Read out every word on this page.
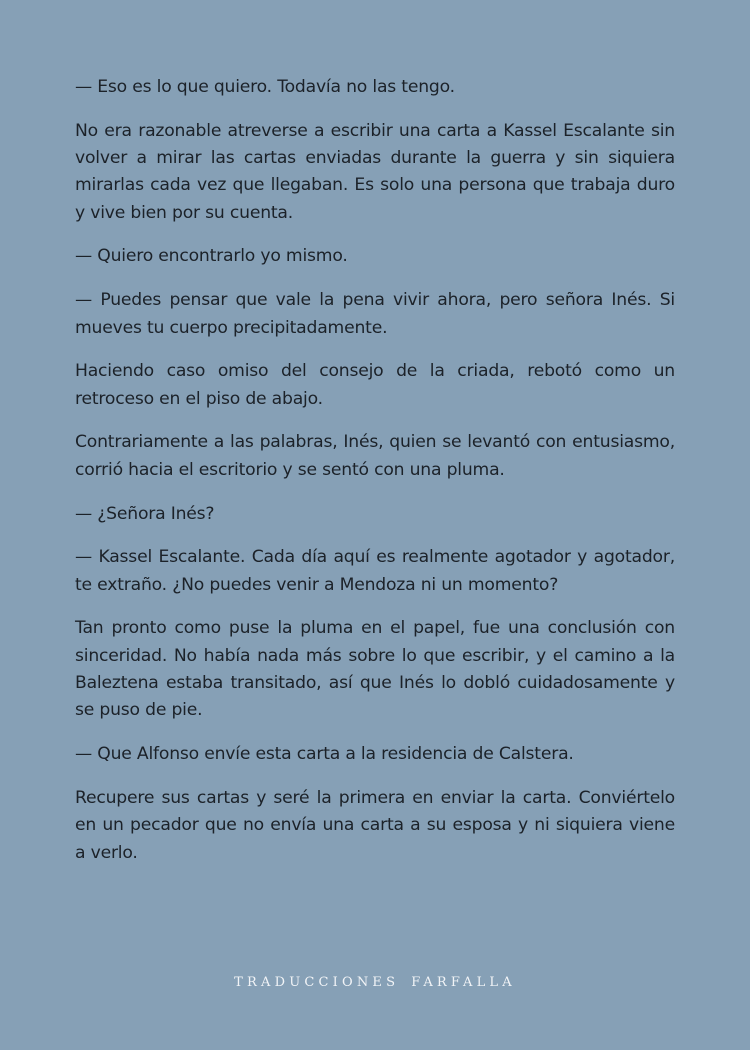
— Eso es lo que quiero. Todavía no las tengo.

No era razonable atreverse a escribir una carta a Kassel Escalante sin volver a mirar las cartas enviadas durante la guerra y sin siquiera mirarlas cada vez que llegaban. Es solo una persona que trabaja duro y vive bien por su cuenta.

— Quiero encontrarlo yo mismo.

— Puedes pensar que vale la pena vivir ahora, pero señora Inés. Si mueves tu cuerpo precipitadamente.

Haciendo caso omiso del consejo de la criada, rebotó como un retroceso en el piso de abajo.

Contrariamente a las palabras, Inés, quien se levantó con entusiasmo, corrió hacia el escritorio y se sentó con una pluma.

— ¿Señora Inés?

— Kassel Escalante. Cada día aquí es realmente agotador y agotador, te extraño. ¿No puedes venir a Mendoza ni un momento?

Tan pronto como puse la pluma en el papel, fue una conclusión con sinceridad. No había nada más sobre lo que escribir, y el camino a la Baleztena estaba transitado, así que Inés lo dobló cuidadosamente y se puso de pie.

— Que Alfonso envíe esta carta a la residencia de Calstera.

Recupere sus cartas y seré la primera en enviar la carta. Conviértelo en un pecador que no envía una carta a su esposa y ni siquiera viene a verlo.

TRADUCCIONES FARFALLA
